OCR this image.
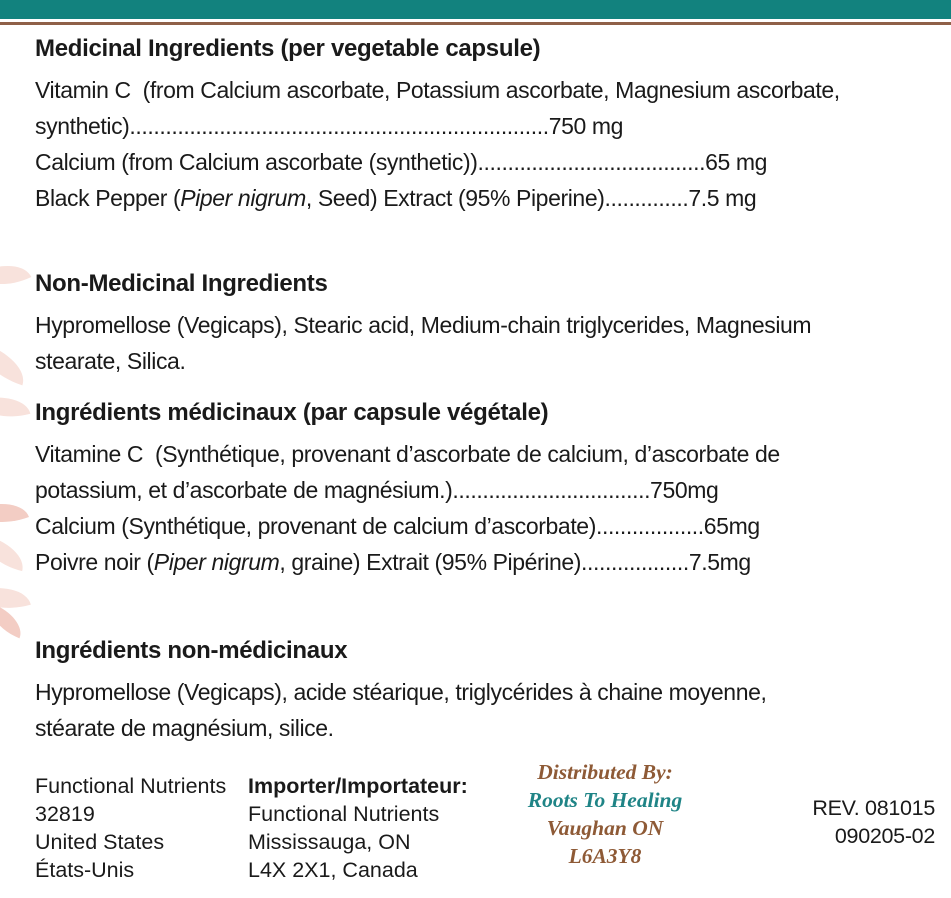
Medicinal Ingredients (per vegetable capsule)
Vitamin C  (from Calcium ascorbate, Potassium ascorbate, Magnesium ascorbate,
synthetic)......................................................................750 mg
Calcium (from Calcium ascorbate (synthetic))......................................65 mg
Black Pepper (Piper nigrum, Seed) Extract (95% Piperine)..............7.5 mg
Non-Medicinal Ingredients
Hypromellose (Vegicaps), Stearic acid, Medium-chain triglycerides, Magnesium
stearate, Silica.
Ingrédients médicinaux (par capsule végétale)
Vitamine C  (Synthétique, provenant d’ascorbate de calcium, d’ascorbate de
potassium, et d’ascorbate de magnésium.).................................750mg
Calcium (Synthétique, provenant de calcium d’ascorbate)..................65mg
Poivre noir (Piper nigrum, graine) Extrait (95% Pipérine)..................7.5mg
Ingrédients non-médicinaux
Hypromellose (Vegicaps), acide stéarique, triglycérides à chaine moyenne,
stéarate de magnésium, silice.
Functional Nutrients
32819
United States
États-Unis
Importer/Importateur:
Functional Nutrients
Mississauga, ON
L4X 2X1, Canada
Distributed By:
Roots To Healing
Vaughan ON
L6A3Y8
REV. 081015
090205-02
